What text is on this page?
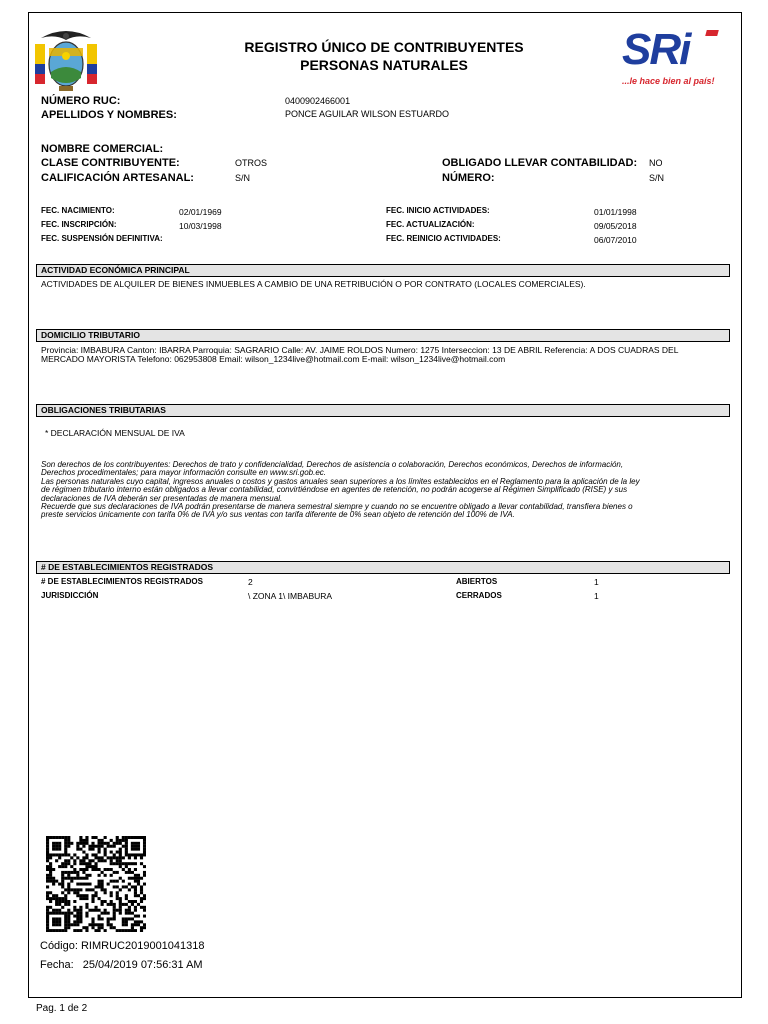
REGISTRO ÚNICO DE CONTRIBUYENTES
PERSONAS NATURALES	SRi
...le hace bien al país!
NÚMERO RUC:	0400902466001
APELLIDOS Y NOMBRES:	PONCE AGUILAR WILSON ESTUARDO
NOMBRE COMERCIAL:
CLASE CONTRIBUYENTE:	OTROS
CALIFICACIÓN ARTESANAL:	S/N
OBLIGADO LLEVAR CONTABILIDAD: NO
NÚMERO:	S/N
FEC. NACIMIENTO:	02/01/1969
FEC. INSCRIPCIÓN:	10/03/1998
FEC. SUSPENSIÓN DEFINITIVA:
FEC. INICIO ACTIVIDADES:	01/01/1998
FEC. ACTUALIZACIÓN:	09/05/2018
FEC. REINICIO ACTIVIDADES:	06/07/2010
ACTIVIDAD ECONÓMICA PRINCIPAL
ACTIVIDADES DE ALQUILER DE BIENES INMUEBLES A CAMBIO DE UNA RETRIBUCIÓN O POR CONTRATO (LOCALES COMERCIALES).
DOMICILIO TRIBUTARIO
Provincia: IMBABURA Canton: IBARRA Parroquia: SAGRARIO Calle: AV. JAIME ROLDOS Numero: 1275 Interseccion: 13 DE ABRIL Referencia: A DOS CUADRAS DEL
MERCADO MAYORISTA Telefono: 062953808 Email: wilson_1234live@hotmail.com E-mail: wilson_1234live@hotmail.com
OBLIGACIONES TRIBUTARIAS
* DECLARACIÓN MENSUAL DE IVA
Son derechos de los contribuyentes: Derechos de trato y confidencialidad, Derechos de asistencia o colaboración, Derechos económicos, Derechos de información,
Derechos procedimentales; para mayor información consulte en www.sri.gob.ec.
Las personas naturales cuyo capital, ingresos anuales o costos y gastos anuales sean superiores a los límites establecidos en el Reglamento para la aplicación de la ley
de régimen tributario interno están obligados a llevar contabilidad, convirtiéndose en agentes de retención, no podrán acogerse al Régimen Simplificado (RISE) y sus
declaraciones de IVA deberán ser presentadas de manera mensual.
Recuerde que sus declaraciones de IVA podrán presentarse de manera semestral siempre y cuando no se encuentre obligado a llevar contabilidad, transfiera bienes o
preste servicios únicamente con tarifa 0% de IVA y/o sus ventas con tarifa diferente de 0% sean objeto de retención del 100% de IVA.
# DE ESTABLECIMIENTOS REGISTRADOS
# DE ESTABLECIMIENTOS REGISTRADOS	2
JURISDICCIÓN	\ ZONA 1\ IMBABURA
ABIERTOS	1
CERRADOS	1
Código: RIMRUC2019001041318
Fecha: 25/04/2019 07:56:31 AM
Pag. 1 de 2
